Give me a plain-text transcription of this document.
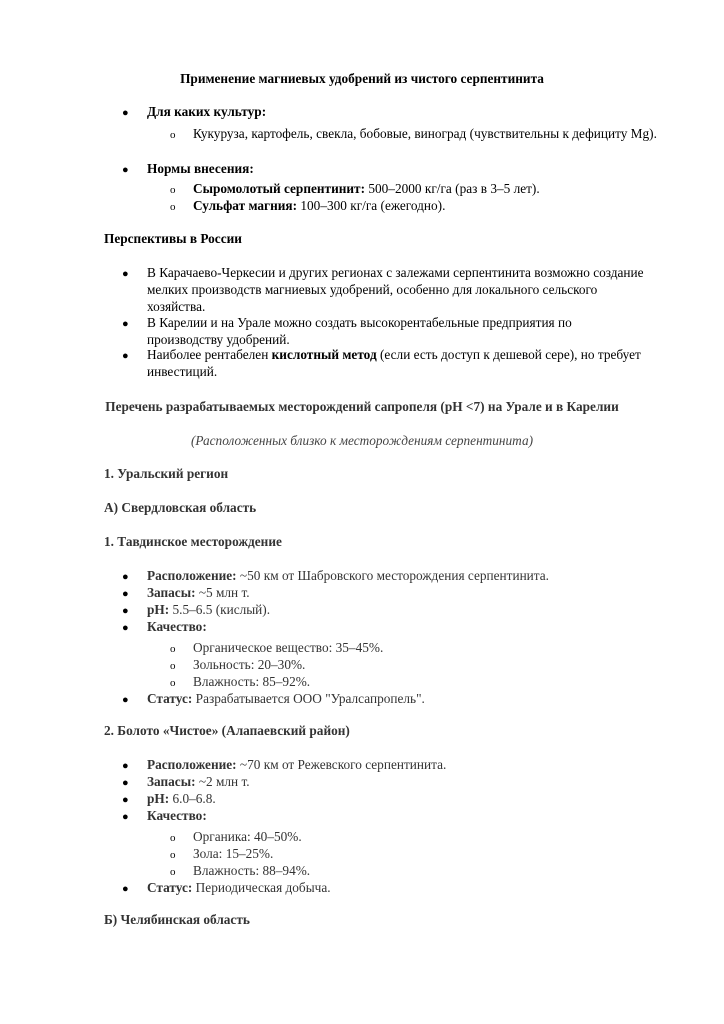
Применение магниевых удобрений из чистого серпентинита
● Для каких культур:
o Кукуруза, картофель, свекла, бобовые, виноград (чувствительны к дефициту Mg).
● Нормы внесения:
o Сыромолотый серпентинит: 500–2000 кг/га (раз в 3–5 лет).
o Сульфат магния: 100–300 кг/га (ежегодно).
Перспективы в России
● В Карачаево-Черкесии и других регионах с залежами серпентинита возможно создание мелких производств магниевых удобрений, особенно для локального сельского хозяйства.
● В Карелии и на Урале можно создать высокорентабельные предприятия по производству удобрений.
● Наиболее рентабелен кислотный метод (если есть доступ к дешевой сере), но требует инвестиций.
Перечень разрабатываемых месторождений сапропеля (pH <7) на Урале и в Карелии
(Расположенных близко к месторождениям серпентинита)
1. Уральский регион
А) Свердловская область
1. Тавдинское месторождение
● Расположение: ~50 км от Шабровского месторождения серпентинита.
● Запасы: ~5 млн т.
● pH: 5.5–6.5 (кислый).
● Качество:
o Органическое вещество: 35–45%.
o Зольность: 20–30%.
o Влажность: 85–92%.
● Статус: Разрабатывается ООО "Уралсапропель".
2. Болото «Чистое» (Алапаевский район)
● Расположение: ~70 км от Режевского серпентинита.
● Запасы: ~2 млн т.
● pH: 6.0–6.8.
● Качество:
o Органика: 40–50%.
o Зола: 15–25%.
o Влажность: 88–94%.
● Статус: Периодическая добыча.
Б) Челябинская область
